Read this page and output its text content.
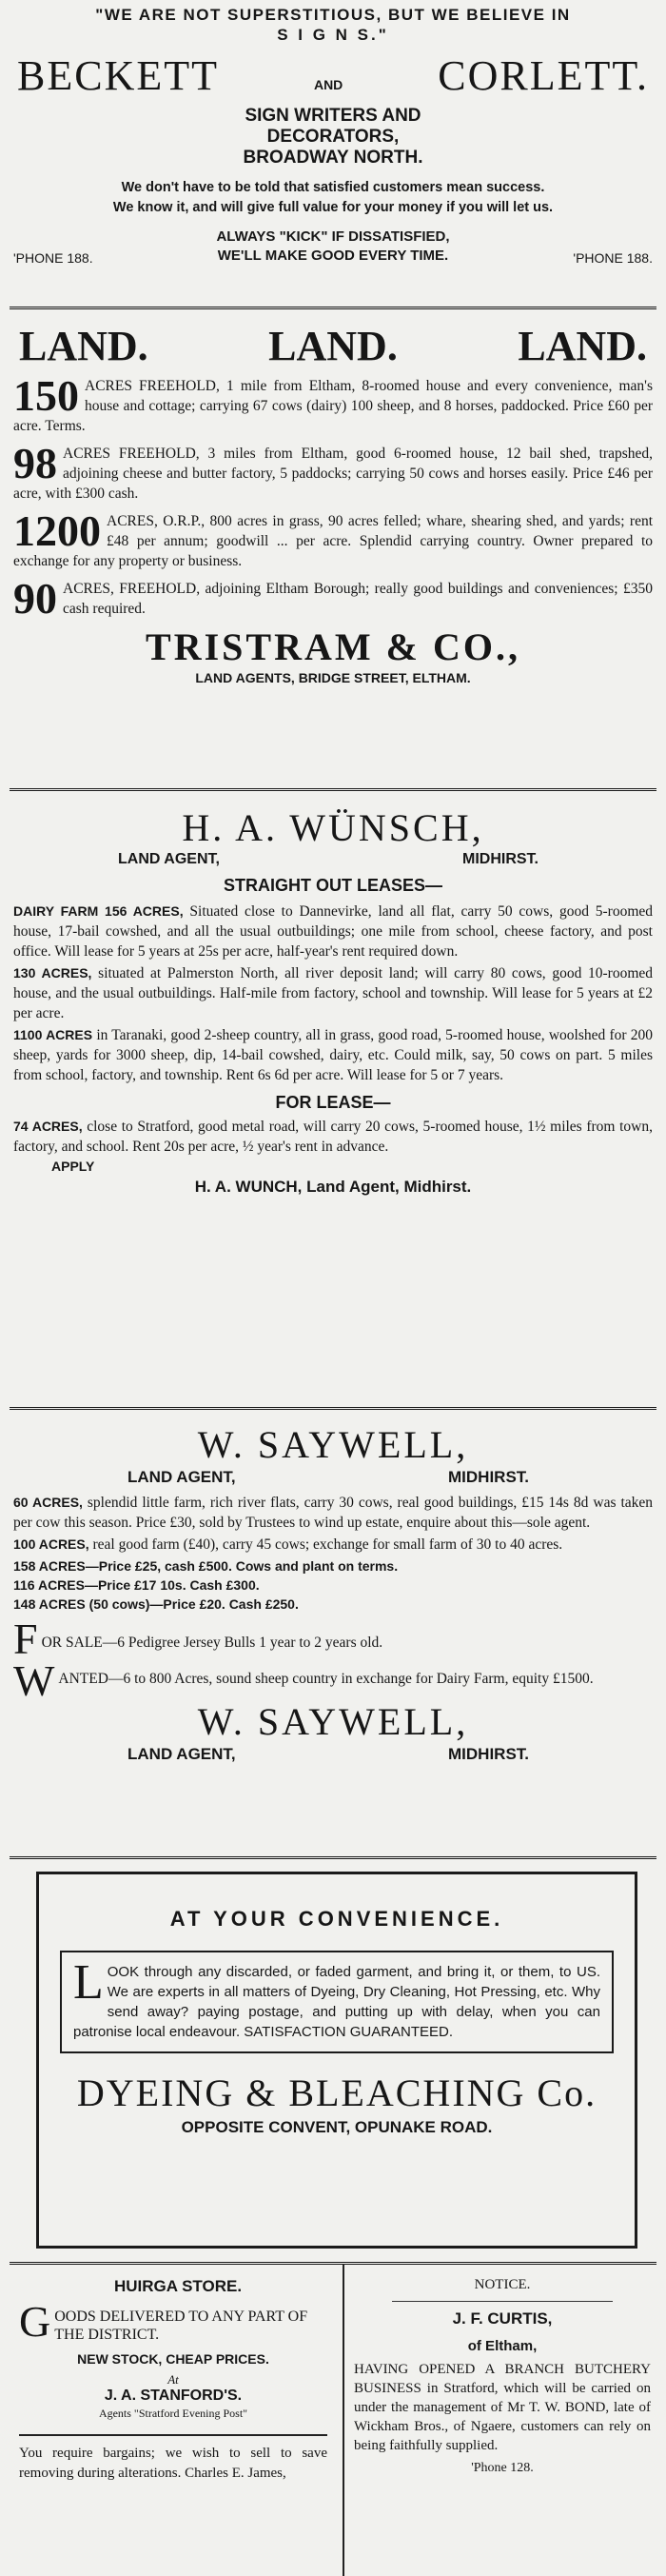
"WE ARE NOT SUPERSTITIOUS, BUT WE BELIEVE IN
S I G N S."
BECKETT	AND CORLETT.
SIGN WRITERS AND
DECORATORS,
BROADWAY NORTH.
We don't have to be told that satisfied customers mean success.
We know it, and will give full value for your money if you will let us.
'PHONE 188.
ALWAYS "KICK" IF DISSATISFIED,
WE'LL MAKE GOOD EVERY TIME.	'PHONE 188.
LAND.	LAND.	LAND.
150 ACRES FREEHOLD, 1 mile from Eltham, 8-roomed house and every convenience, man's house and cottage; carrying 67 cows (dairy) 100 sheep, and 8 horses, paddocked. Price £60 per acre. Terms.

98 ACRES FREEHOLD, 3 miles from Eltham, good 6-roomed house, 12 bail shed, trapshed, adjoining cheese and butter factory, 5 paddocks; carrying 50 cows and horses easily. Price £46 per acre, with £300 cash.

1200 ACRES, O.R.P., 800 acres in grass, 90 acres felled; whare, shearing shed, and yards; rent £48 per annum; goodwill ... per acre. Splendid carrying country. Owner prepared to exchange for any property or business.

90 ACRES, FREEHOLD, adjoining Eltham Borough; really good buildings and conveniences; £350 cash required.

TRISTRAM & CO.,
LAND AGENTS, BRIDGE STREET, ELTHAM.
H. A. WÜNSCH,
LAND AGENT,	MIDHIRST.
STRAIGHT OUT LEASES—

DAIRY FARM 156 ACRES, Situated close to Dannevirke, land all flat, carry 50 cows, good 5-roomed house, 17-bail cowshed, and all the usual outbuildings; one mile from school, cheese factory, and post office. Will lease for 5 years at 25s per acre, half-year's rent required down.

130 ACRES, situated at Palmerston North, all river deposit land; will carry 80 cows, good 10-roomed house, and the usual outbuildings. Half-mile from factory, school and township. Will lease for 5 years at £2 per acre.

1100 ACRES in Taranaki, good 2-sheep country, all in grass, good road, 5-roomed house, woolshed for 200 sheep, yards for 3000 sheep, dip, 14-bail cowshed, dairy, etc. Could milk, say, 50 cows on part. 5 miles from school, factory, and township. Rent 6s 6d per acre. Will lease for 5 or 7 years.

FOR LEASE—

74 ACRES, close to Stratford, good metal road, will carry 20 cows, 5-roomed house, 1½ miles from town, factory, and school. Rent 20s per acre, ½ year's rent in advance.

APPLY
H. A. WUNCH, Land Agent, Midhirst.
W. SAYWELL,
LAND AGENT,	MIDHIRST.

60 ACRES, splendid little farm, rich river flats, carry 30 cows, real good buildings, £15 14s 8d was taken per cow this season. Price £30, sold by Trustees to wind up estate, enquire about this—sole agent.

100 ACRES, real good farm (£40), carry 45 cows; exchange for small farm of 30 to 40 acres.

158 ACRES—Price £25, cash £500. Cows and plant on terms.
116 ACRES—Price £17 10s. Cash £300.
148 ACRES (50 cows)—Price £20. Cash £250.
F OR SALE—6 Pedigree Jersey Bulls 1 year to 2 years old.

W ANTED—6 to 800 Acres, sound sheep country in exchange for Dairy Farm, equity £1500.

W. SAYWELL,
LAND AGENT,	MIDHIRST.
AT YOUR CONVENIENCE.
L OOK through any discarded, or faded garment, and bring it, or them, to US. We are experts in all matters of Dyeing, Dry Cleaning, Hot Pressing, etc. Why send away? paying postage, and putting up with delay, when you can patronise local endeavour. SATISFACTION GUARANTEED.

DYEING & BLEACHING Co.
OPPOSITE CONVENT, OPUNAKE ROAD.
HUIRGA STORE.
G OODS DELIVERED TO ANY PART OF THE DISTRICT.

NEW STOCK, CHEAP PRICES.
At
J. A. STANFORD'S.
Agents "Stratford Evening Post"

You require bargains; we wish to sell to save removing during alterations. Charles E. James,

NOTICE.
J. F. CURTIS,
of Eltham,

HAVING OPENED A BRANCH BUTCHERY BUSINESS in Stratford, which will be carried on under the management of Mr T. W. BOND, late of Wickham Bros., of Ngaere, customers can rely on being faithfully supplied.

'Phone 128.
